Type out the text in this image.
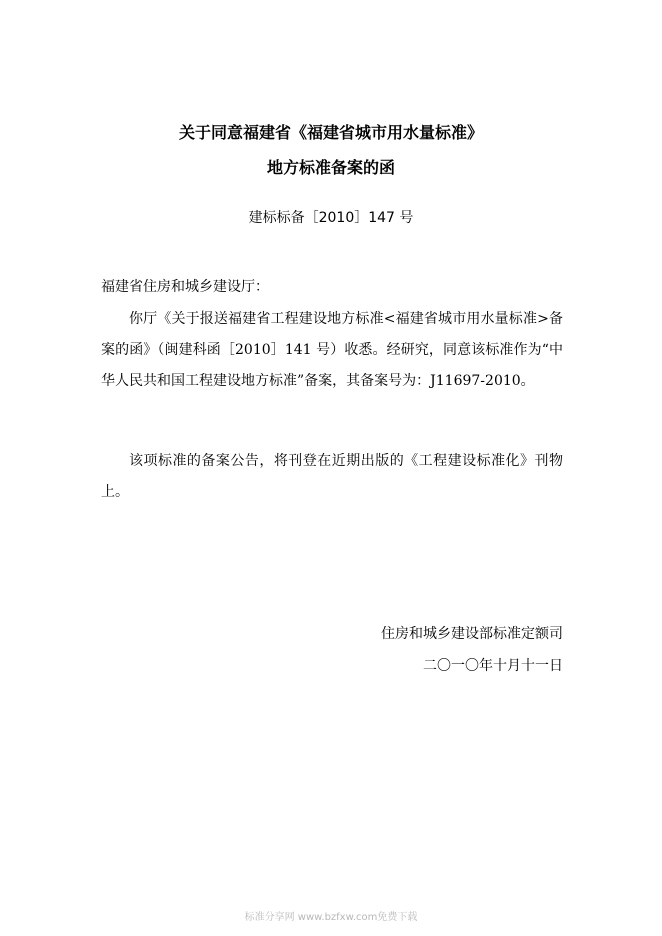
关于同意福建省《福建省城市用水量标准》
地方标准备案的函
建标标备［2010］147 号
福建省住房和城乡建设厅：
你厅《关于报送福建省工程建设地方标准<福建省城市用水量标准>备案的函》（闽建科函［2010］141 号）收悉。经研究，同意该标准作为“中华人民共和国工程建设地方标准”备案，其备案号为：J11697-2010。
该项标准的备案公告，将刊登在近期出版的《工程建设标准化》刊物上。
住房和城乡建设部标准定额司
二〇一〇年十月十一日
标准分享网 www.bzfxw.com免费下载
